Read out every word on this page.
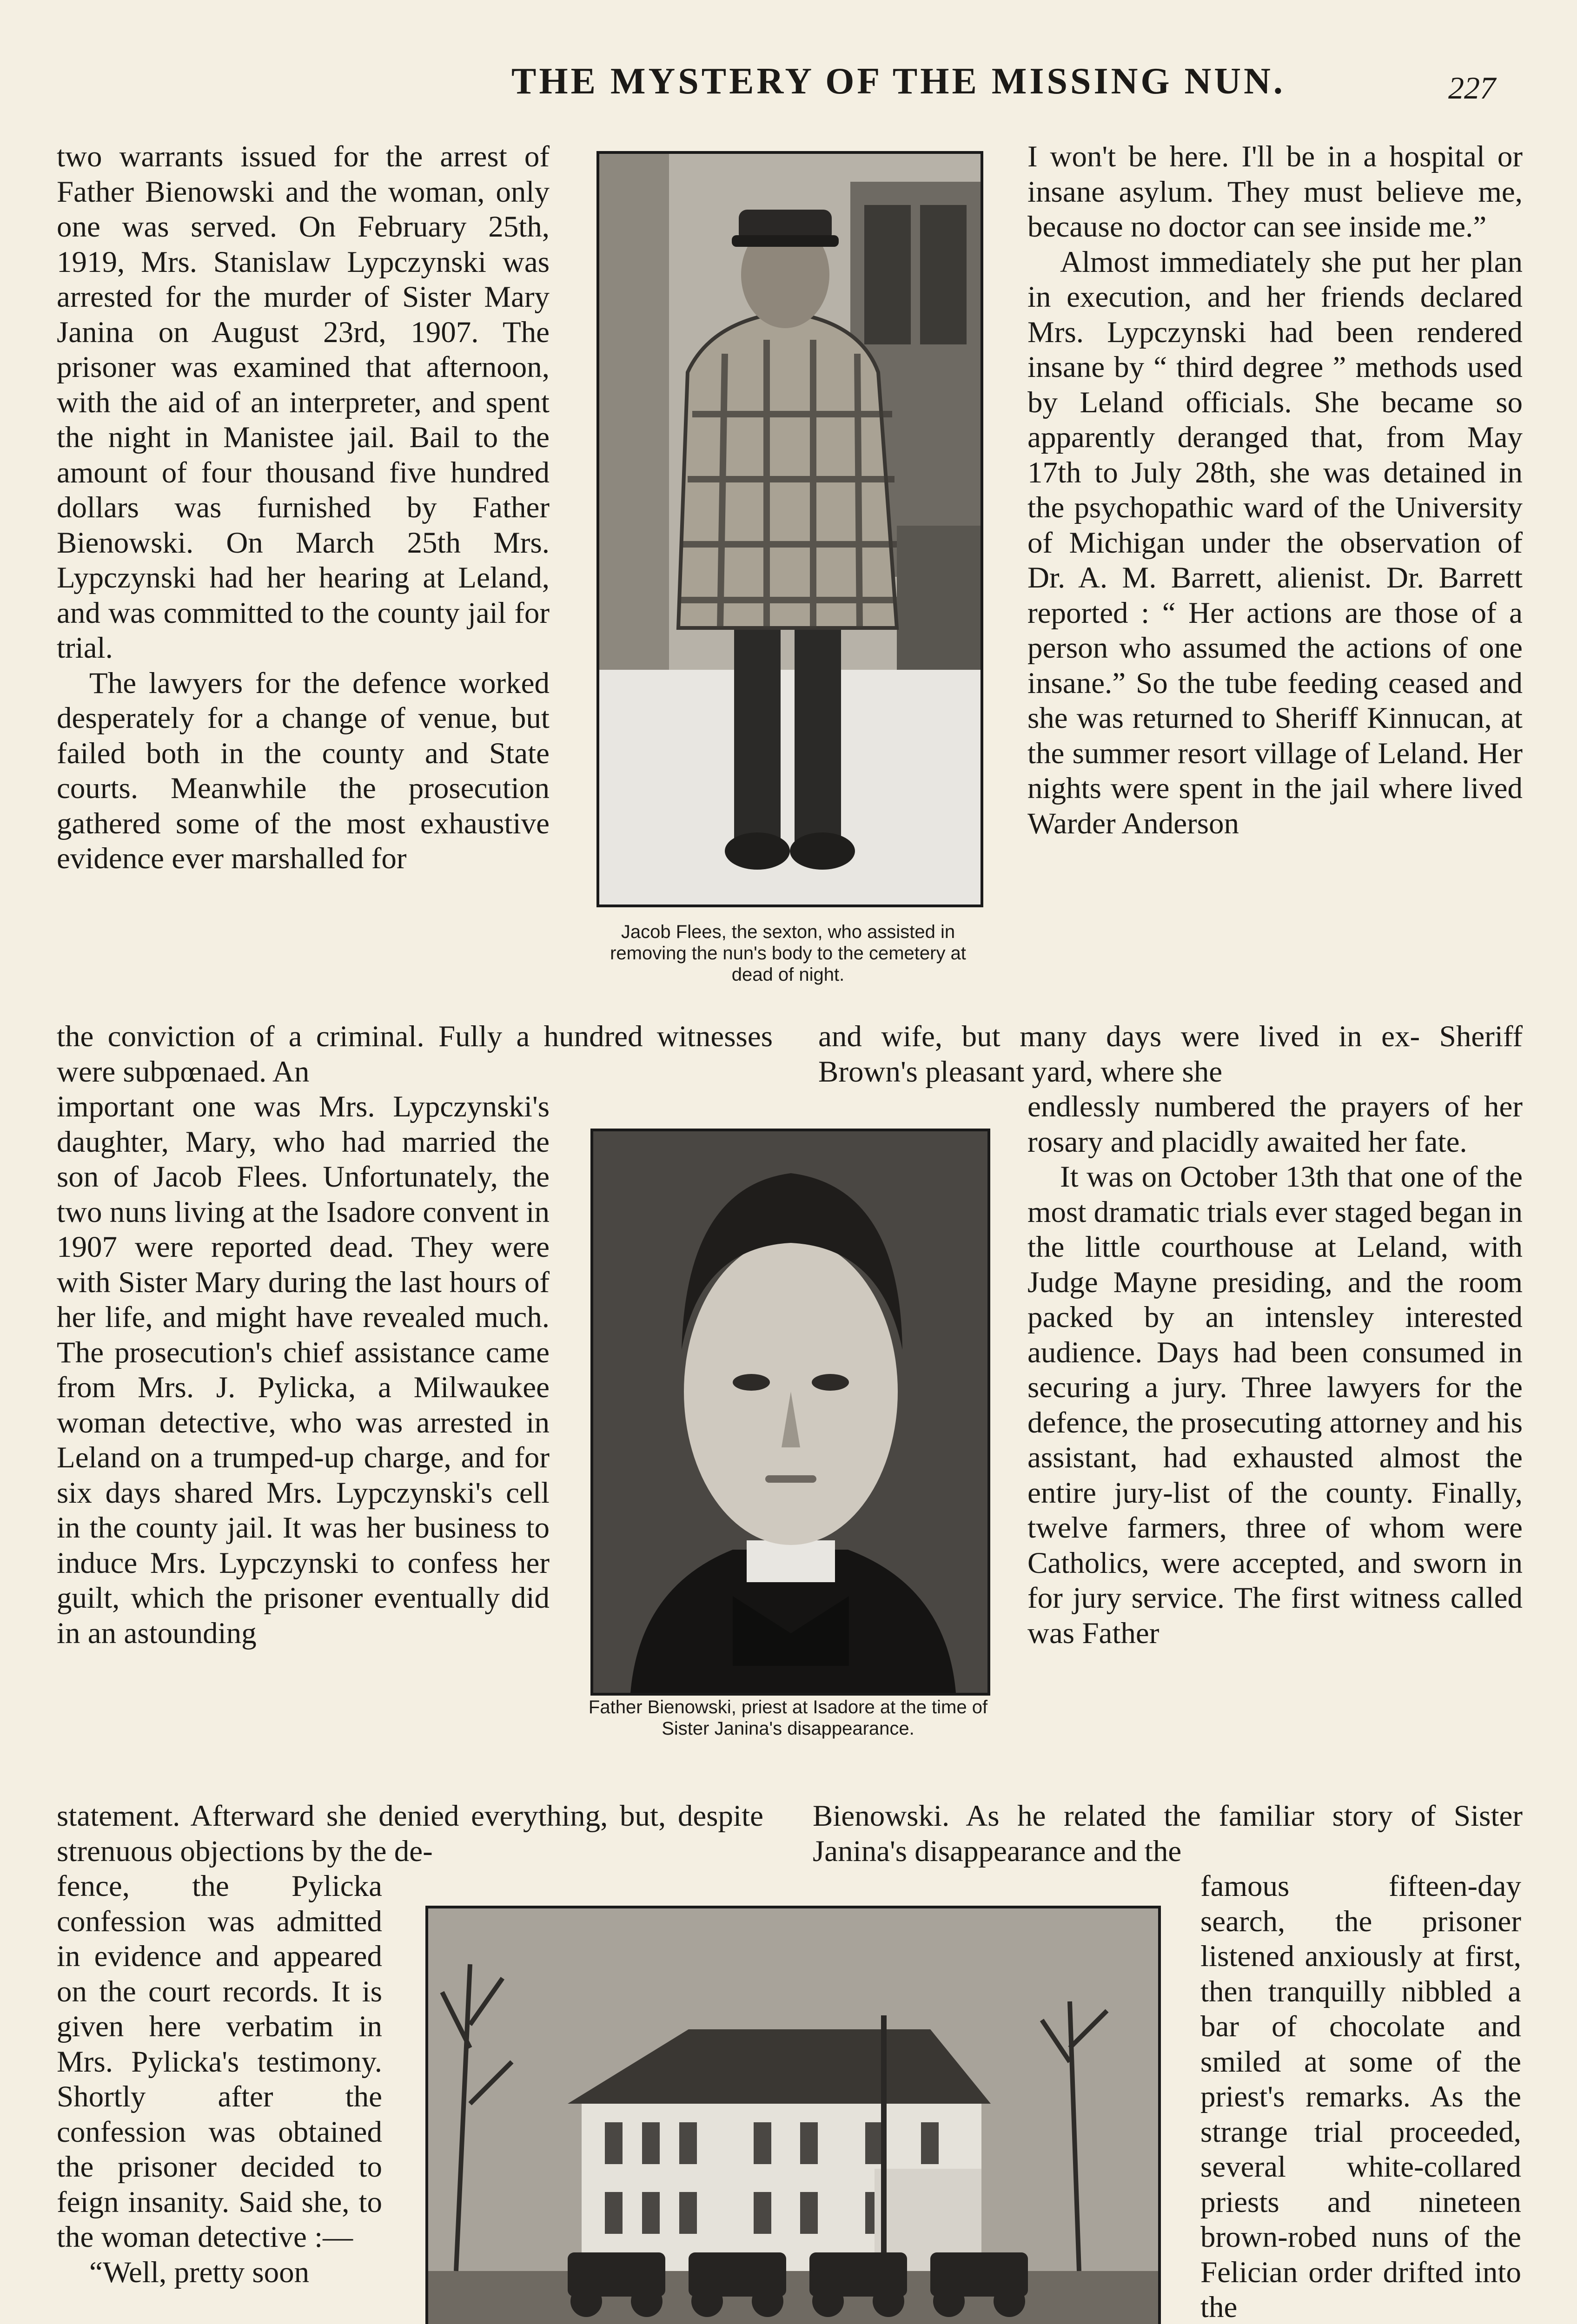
THE MYSTERY OF THE MISSING NUN.	227

two warrants issued for the arrest of Father Bienowski and the woman, only one was served. On February 25th, 1919, Mrs. Stanislaw Lypczynski was arrested for the murder of Sister Mary Janina on August 23rd, 1907. The prisoner was examined that afternoon, with the aid of an interpreter, and spent the night in Manistee jail. Bail to the amount of four thousand five hundred dollars was furnished by Father Bienowski. On March 25th Mrs. Lypczynski had her hearing at Leland, and was committed to the county jail for trial.

The lawyers for the defence worked desperately for a change of venue, but failed both in the county and State courts. Meanwhile the prosecution gathered some of the most exhaustive evidence ever marshalled for

Jacob Flees, the sexton, who assisted in removing the nun's body to the cemetery at dead of night.

I won't be here. I'll be in a hospital or insane asylum. They must believe me, because no doctor can see inside me.”

Almost immediately she put her plan in execution, and her friends declared Mrs. Lypczynski had been rendered insane by “ third degree ” methods used by Leland officials. She became so apparently deranged that, from May 17th to July 28th, she was detained in the psychopathic ward of the University of Michigan under the observation of Dr. A. M. Barrett, alienist. Dr. Barrett reported : “ Her actions are those of a person who assumed the actions of one insane.” So the tube feeding ceased and she was returned to Sheriff Kinnucan, at the summer resort village of Leland. Her nights were spent in the jail where lived Warder Anderson

the conviction of a criminal. Fully a hundred witnesses were subpœnaed. An
and wife, but many days were lived in ex- Sheriff Brown's pleasant yard, where she
important one was Mrs. Lypczynski's daughter, Mary, who had married the son of Jacob Flees. Unfortunately, the two nuns living at the Isadore convent in 1907 were reported dead. They were with Sister Mary during the last hours of her life, and might have revealed much. The prosecution's chief assistance came from Mrs. J. Pylicka, a Milwaukee woman detective, who was arrested in Leland on a trumped-up charge, and for six days shared Mrs. Lypczynski's cell in the county jail. It was her business to induce Mrs. Lypczynski to confess her guilt, which the prisoner eventually did in an astounding
Father Bienowski, priest at Isadore at the time of Sister Janina's disappearance.

endlessly numbered the prayers of her rosary and placidly awaited her fate.

It was on October 13th that one of the most dramatic trials ever staged began in the little courthouse at Leland, with Judge Mayne presiding, and the room packed by an intensley interested audience. Days had been consumed in securing a jury. Three lawyers for the defence, the prosecuting attorney and his assistant, had exhausted almost the entire jury-list of the county. Finally, twelve farmers, three of whom were Catholics, were accepted, and sworn in for jury service. The first witness called was Father

statement. Afterward she denied everything, but, despite strenuous objections by the de-
Bienowski. As he related the familiar story of Sister Janina's disappearance and the

fence, the Pylicka confession was admitted in evidence and appeared on the court records. It is given here verbatim in Mrs. Pylicka's testimony. Shortly after the confession was obtained the prisoner decided to feign insanity. Said she, to the woman detective :—

“Well, pretty soon

famous fifteen-day search, the prisoner listened anxiously at first, then tranquilly nibbled a bar of chocolate and smiled at some of the priest's remarks. As the strange trial proceeded, several white-collared priests and nineteen brown-robed nuns of the Felician order drifted into the
